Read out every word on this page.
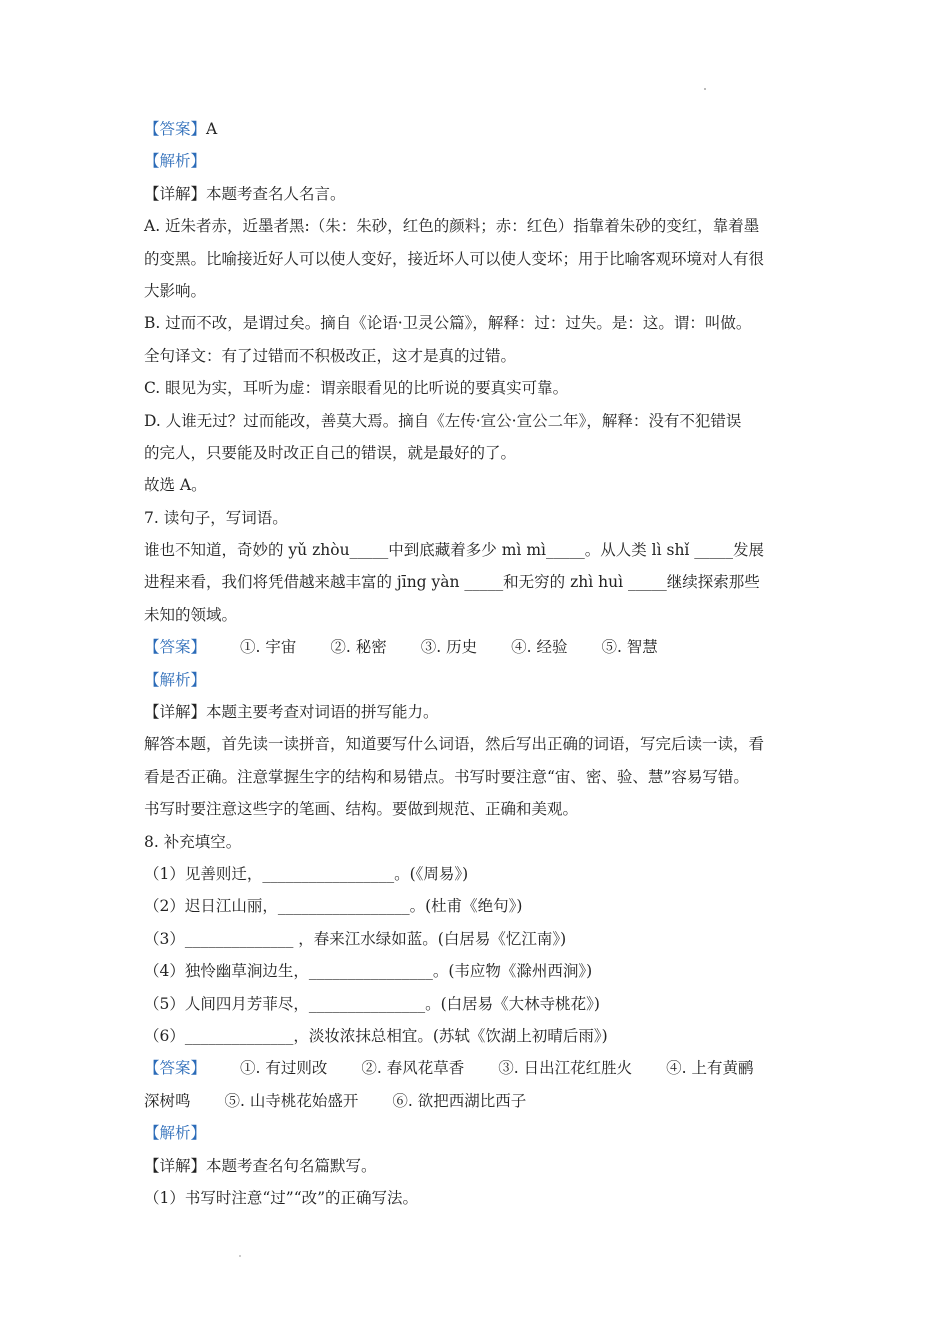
【答案】A
【解析】
【详解】本题考查名人名言。
A. 近朱者赤，近墨者黑:（朱：朱砂，红色的颜料；赤：红色）指靠着朱砂的变红，靠着墨
的变黑。比喻接近好人可以使人变好，接近坏人可以使人变坏；用于比喻客观环境对人有很
大影响。
B. 过而不改，是谓过矣。摘自《论语·卫灵公篇》，解释：过：过失。是：这。谓：叫做。
全句译文：有了过错而不积极改正，这才是真的过错。
C. 眼见为实，耳听为虚：谓亲眼看见的比听说的要真实可靠。
D. 人谁无过？过而能改，善莫大焉。摘自《左传·宣公·宣公二年》，解释：没有不犯错误
的完人，只要能及时改正自己的错误，就是最好的了。
故选 A。
7. 读句子，写词语。
谁也不知道，奇妙的 yǔ zhòu_____中到底藏着多少 mì mì_____。从人类 lì shǐ _____发展
进程来看，我们将凭借越来越丰富的 jīng yàn _____和无穷的 zhì huì _____继续探索那些
未知的领域。
【答案】 ①. 宇宙 ②. 秘密 ③. 历史 ④. 经验 ⑤. 智慧
【解析】
【详解】本题主要考查对词语的拼写能力。
解答本题，首先读一读拼音，知道要写什么词语，然后写出正确的词语，写完后读一读，看
看是否正确。注意掌握生字的结构和易错点。书写时要注意“宙、密、验、慧”容易写错。
书写时要注意这些字的笔画、结构。要做到规范、正确和美观。
8. 补充填空。
（1）见善则迁，_________________。(《周易》)
（2）迟日江山丽，_________________。(杜甫《绝句》)
（3）______________ ，春来江水绿如蓝。(白居易《忆江南》)
（4）独怜幽草涧边生，________________。(韦应物《滁州西涧》)
（5）人间四月芳菲尽，_______________。(白居易《大林寺桃花》)
（6）______________，淡妆浓抹总相宜。(苏轼《饮湖上初晴后雨》)
【答案】 ①. 有过则改 ②. 春风花草香 ③. 日出江花红胜火 ④. 上有黄鹂
深树鸣 ⑤. 山寺桃花始盛开 ⑥. 欲把西湖比西子
【解析】
【详解】本题考查名句名篇默写。
（1）书写时注意“过”“改”的正确写法。
